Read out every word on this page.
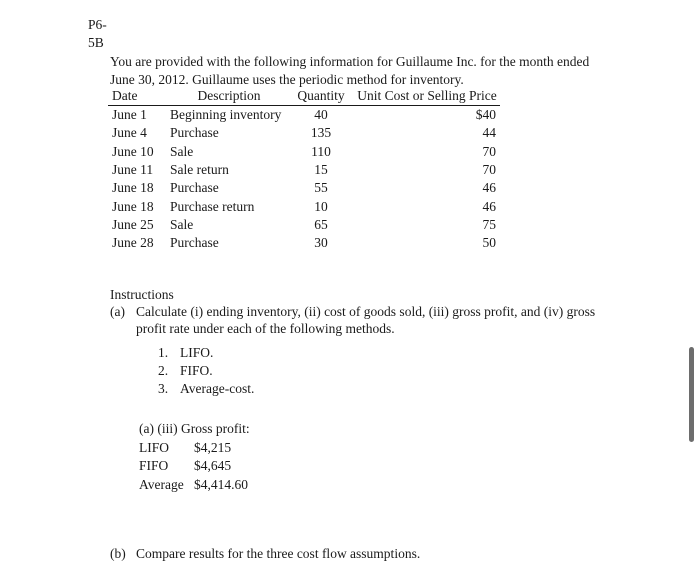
P6-
5B
You are provided with the following information for Guillaume Inc. for the month ended
June 30, 2012. Guillaume uses the periodic method for inventory.
Date	Description	Quantity	Unit Cost or Selling Price
June 1	Beginning inventory	40	$40
June 4	Purchase	135	44
June 10	Sale	110	70
June 11	Sale return	15	70
June 18	Purchase	55	46
June 18	Purchase return	10	46
June 25	Sale	65	75
June 28	Purchase	30	50
Instructions
(a) Calculate (i) ending inventory, (ii) cost of goods sold, (iii) gross profit, and (iv) gross
profit rate under each of the following methods.
1. LIFO.
2. FIFO.
3. Average-cost.
(a) (iii) Gross profit:
LIFO	$4,215
FIFO	$4,645
Average $4,414.60
(b) Compare results for the three cost flow assumptions.
